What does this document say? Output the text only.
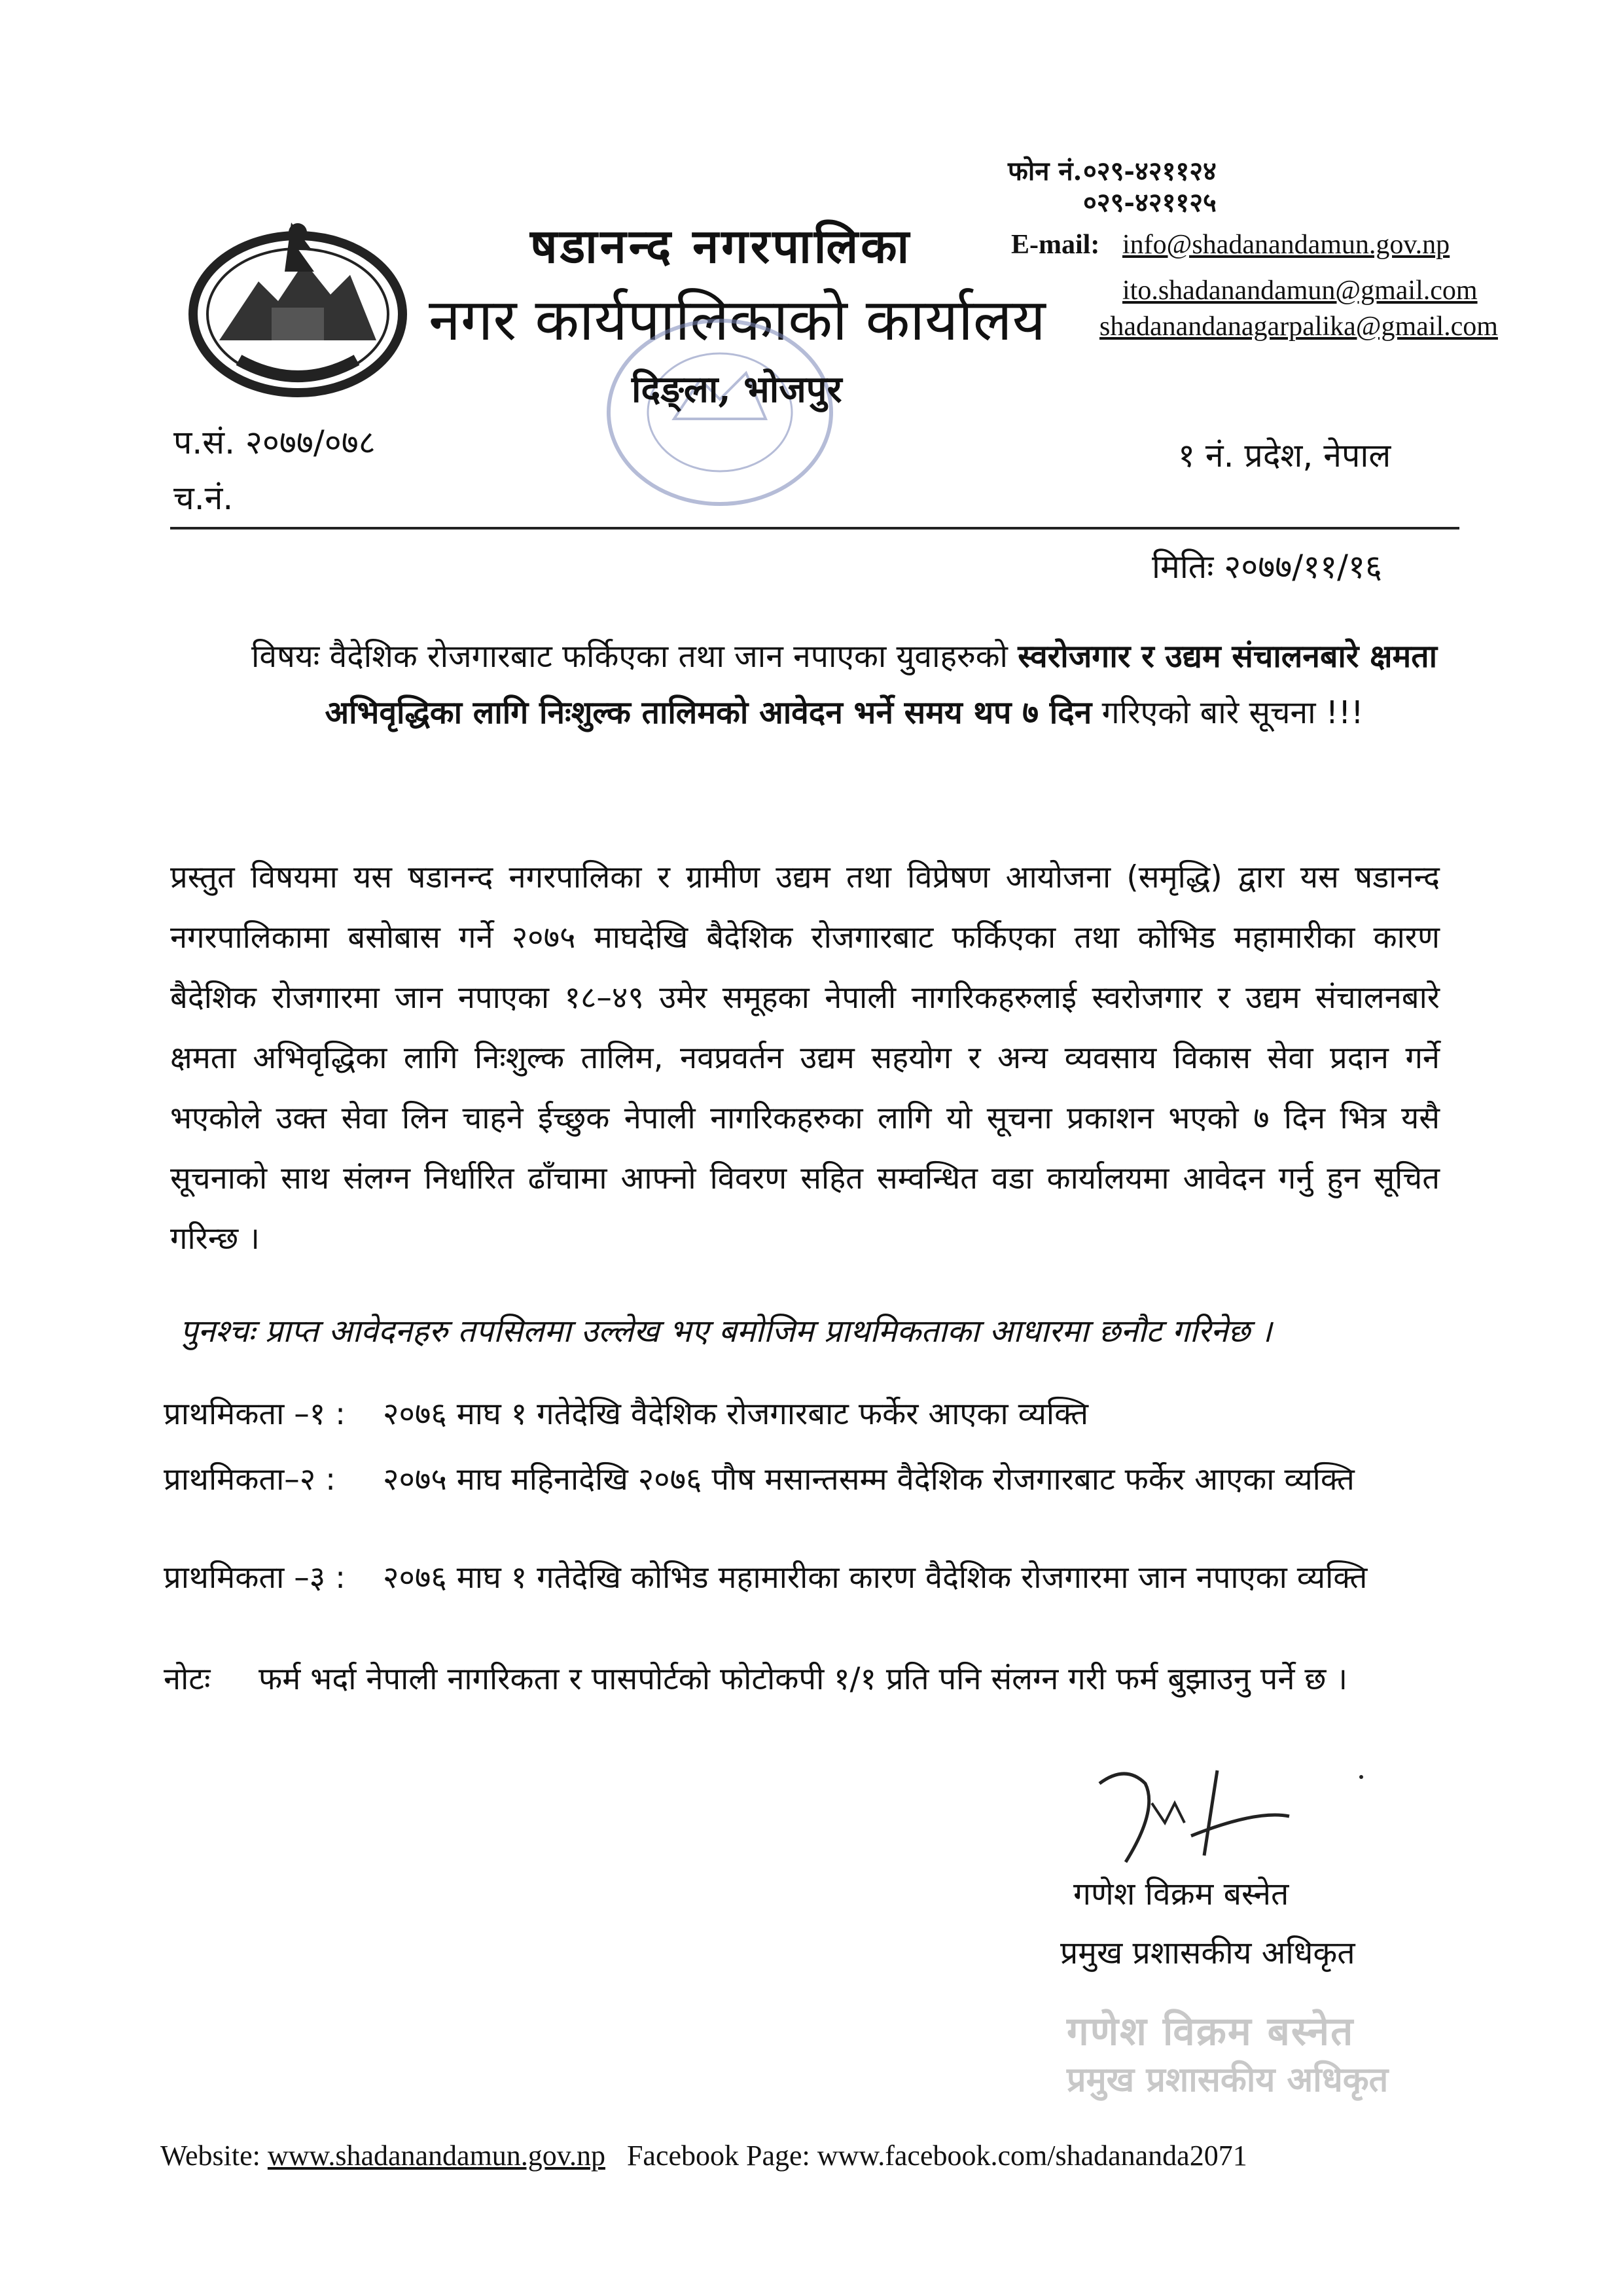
षडानन्द नगरपालिका
नगर कार्यपालिकाको कार्यालय
दिङ्ला, भोजपुर
फोन नं. ०२९-४२११२४
०२९-४२११२५
E-mail: info@shadanandamun.gov.np
ito.shadanandamun@gmail.com
shadanandanagarpalika@gmail.com
प.सं. २०७७/०७८
च.नं.
१ नं. प्रदेश, नेपाल
मितिः २०७७/११/१६
विषयः वैदेशिक रोजगारबाट फर्किएका तथा जान नपाएका युवाहरुको स्वरोजगार र उद्यम संचालनबारे क्षमता अभिवृद्धिका लागि निःशुल्क तालिमको आवेदन भर्ने समय थप ७ दिन गरिएको बारे सूचना !!!
प्रस्तुत विषयमा यस षडानन्द नगरपालिका र ग्रामीण उद्यम तथा विप्रेषण आयोजना (समृद्धि) द्वारा यस षडानन्द नगरपालिकामा बसोबास गर्ने २०७५ माघदेखि बैदेशिक रोजगारबाट फर्किएका तथा कोभिड महामारीका कारण बैदेशिक रोजगारमा जान नपाएका १८–४९ उमेर समूहका नेपाली नागरिकहरुलाई स्वरोजगार र उद्यम संचालनबारे क्षमता अभिवृद्धिका लागि निःशुल्क तालिम, नवप्रवर्तन उद्यम सहयोग र अन्य व्यवसाय विकास सेवा प्रदान गर्ने भएकोले उक्त सेवा लिन चाहने ईच्छुक नेपाली नागरिकहरुका लागि यो सूचना प्रकाशन भएको ७ दिन भित्र यसै सूचनाको साथ संलग्न निर्धारित ढाँचामा आफ्नो विवरण सहित सम्वन्धित वडा कार्यालयमा आवेदन गर्नु हुन सूचित गरिन्छ ।
पुनश्चः प्राप्त आवेदनहरु तपसिलमा उल्लेख भए बमोजिम प्राथमिकताका आधारमा छनौट गरिनेछ ।
प्राथमिकता –१ : २०७६ माघ १ गतेदेखि वैदेशिक रोजगारबाट फर्केर आएका व्यक्ति
प्राथमिकता–२ : २०७५ माघ महिनादेखि २०७६ पौष मसान्तसम्म वैदेशिक रोजगारबाट फर्केर आएका व्यक्ति
प्राथमिकता –३ : २०७६ माघ १ गतेदेखि कोभिड महामारीका कारण वैदेशिक रोजगारमा जान नपाएका व्यक्ति
नोटः फर्म भर्दा नेपाली नागरिकता र पासपोर्टको फोटोकपी १/१ प्रति पनि संलग्न गरी फर्म बुझाउनु पर्ने छ ।
गणेश विक्रम बस्नेत
प्रमुख प्रशासकीय अधिकृत
गणेश विक्रम बस्नेत
प्रमुख प्रशासकीय अधिकृत
Website: www.shadanandamun.gov.np Facebook Page: www.facebook.com/shadananda2071
